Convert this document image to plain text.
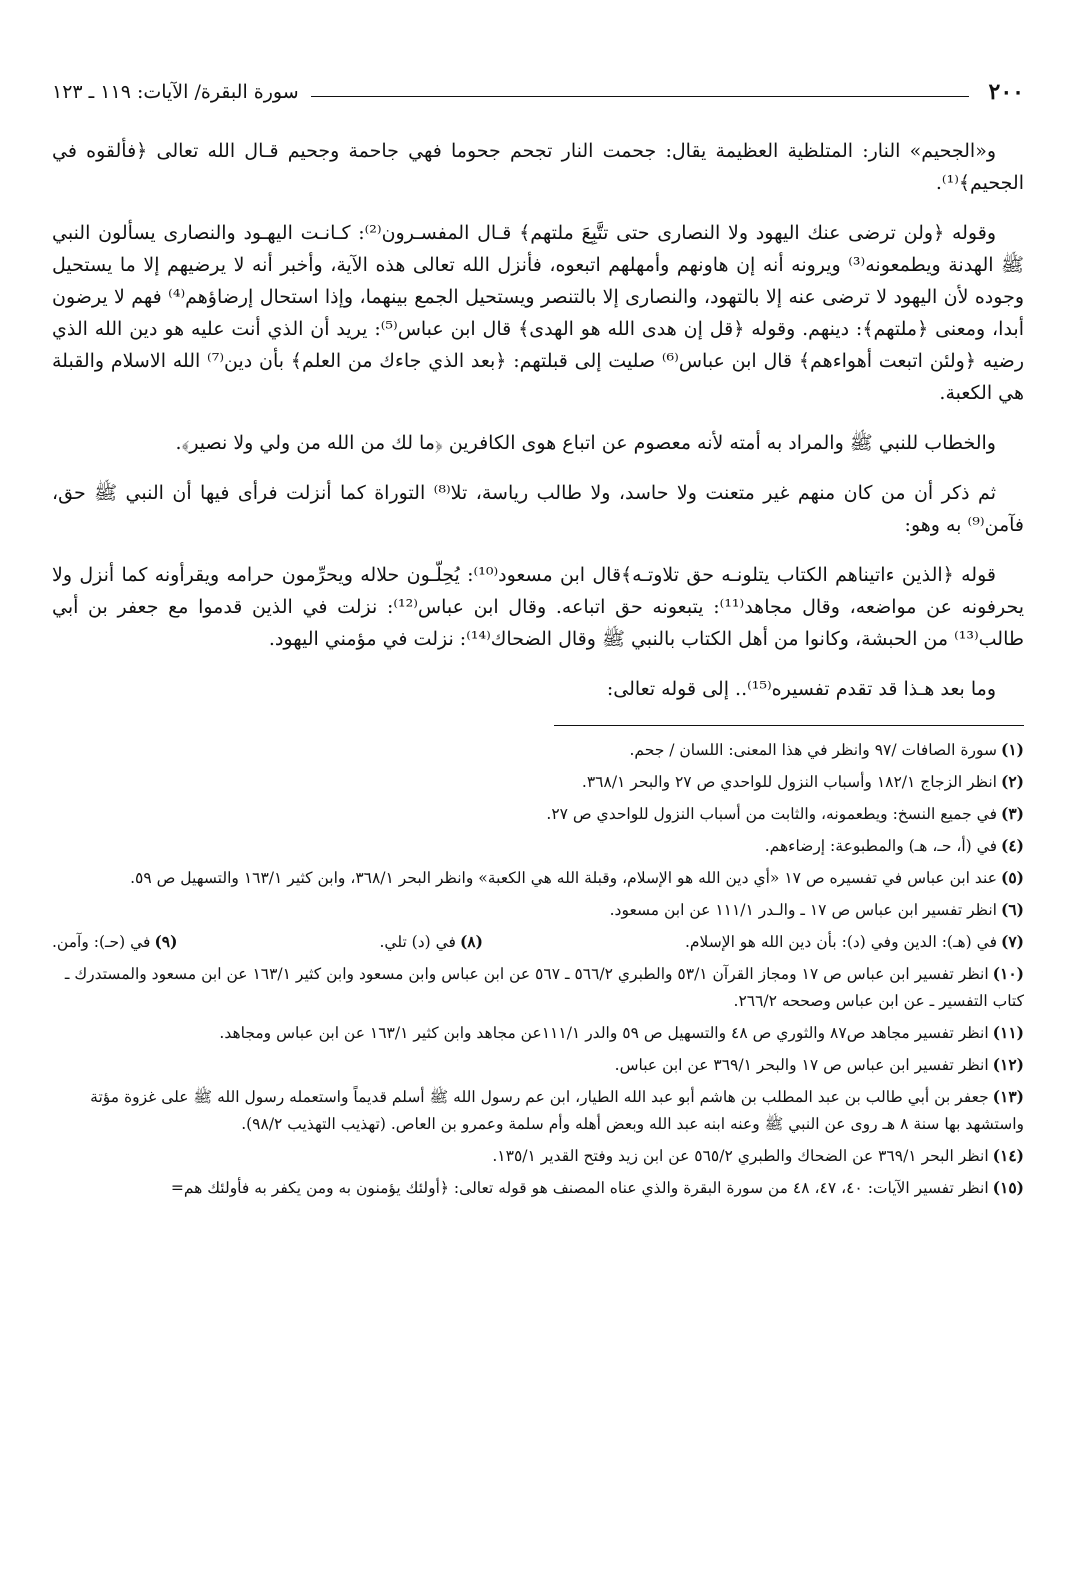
٢٠٠
سورة البقرة/ الآيات: ١١٩ ـ ١٢٣

و«الجحيم» النار: المتلظية العظيمة يقال: جحمت النار تجحم جحوما فهي جاحمة وجحيم قـال الله تعالى ﴿فألقوه في الجحيم﴾⁽¹⁾.

وقوله ﴿ولن ترضى عنك اليهود ولا النصارى حتى تتَّبِعَ ملتهم﴾ قـال المفسـرون⁽²⁾: كـانـت اليهـود والنصارى يسألون النبي ﷺ الهدنة ويطمعونه⁽³⁾ ويرونه أنه إن هاونهم وأمهلهم اتبعوه، فأنزل الله تعالى هذه الآية، وأخبر أنه لا يرضيهم إلا ما يستحيل وجوده لأن اليهود لا ترضى عنه إلا بالتهود، والنصارى إلا بالتنصر ويستحيل الجمع بينهما، وإذا استحال إرضاؤهم⁽⁴⁾ فهم لا يرضون أبدا، ومعنى ﴿ملتهم﴾: دينهم. وقوله ﴿قل إن هدى الله هو الهدى﴾ قال ابن عباس⁽⁵⁾: يريد أن الذي أنت عليه هو دين الله الذي رضيه ﴿ولئن اتبعت أهواءهم﴾ قال ابن عباس⁽⁶⁾ صليت إلى قبلتهم: ﴿بعد الذي جاءك من العلم﴾ بأن دين⁽⁷⁾ الله الاسلام والقبلة هي الكعبة.

والخطاب للنبي ﷺ والمراد به أمته لأنه معصوم عن اتباع هوى الكافرين ﴿ما لك من الله من ولي ولا نصير﴾.

ثم ذكر أن من كان منهم غير متعنت ولا حاسد، ولا طالب رياسة، تلا⁽⁸⁾ التوراة كما أنزلت فرأى فيها أن النبي ﷺ حق، فآمن⁽⁹⁾ به وهو:

قوله ﴿الذين ءاتيناهم الكتاب يتلونـه حق تلاوتـه﴾قال ابن مسعود⁽¹⁰⁾: يُحِلّـون حلاله ويحرِّمون حرامه ويقرأونه كما أنزل ولا يحرفونه عن مواضعه، وقال مجاهد⁽¹¹⁾: يتبعونه حق اتباعه. وقال ابن عباس⁽¹²⁾: نزلت في الذين قدموا مع جعفر بن أبي طالب⁽¹³⁾ من الحبشة، وكانوا من أهل الكتاب بالنبي ﷺ وقال الضحاك⁽¹⁴⁾: نزلت في مؤمني اليهود.

وما بعد هـذا قد تقدم تفسيره⁽¹⁵⁾.. إلى قوله تعالى:

(١)سورة الصافات /٩٧ وانظر في هذا المعنى: اللسان / جحم.
(٢)انظر الزجاج ١٨٢/١ وأسباب النزول للواحدي ص ٢٧ والبحر ٣٦٨/١.
(٣)في جميع النسخ: ويطعمونه، والثابت من أسباب النزول للواحدي ص ٢٧.
(٤)في (أ، حـ، هـ) والمطبوعة: إرضاءهم.
(٥)عند ابن عباس في تفسيره ص ١٧ «أي دين الله هو الإسلام، وقبلة الله هي الكعبة» وانظر البحر ٣٦٨/١، وابن كثير ١٦٣/١ والتسهيل ص ٥٩.
(٦)انظر تفسير ابن عباس ص ١٧ ـ والـدر ١١١/١ عن ابن مسعود.
(٧)في (هـ): الدين وفي (د): بأن دين الله هو الإسلام.
(٨)في (د) تلي.
(٩)في (حـ): وآمن.
(١٠)انظر تفسير ابن عباس ص ١٧ ومجاز القرآن ٥٣/١ والطبري ٥٦٦/٢ ـ ٥٦٧ عن ابن عباس وابن مسعود وابن كثير ١٦٣/١ عن ابن مسعود والمستدرك ـ كتاب التفسير ـ عن ابن عباس وصححه ٢٦٦/٢.
(١١)انظر تفسير مجاهد ص٨٧ والثوري ص ٤٨ والتسهيل ص ٥٩ والدر ١١١/١عن مجاهد وابن كثير ١٦٣/١ عن ابن عباس ومجاهد.
(١٢)انظر تفسير ابن عباس ص ١٧ والبحر ٣٦٩/١ عن ابن عباس.
(١٣)جعفر بن أبي طالب بن عبد المطلب بن هاشم أبو عبد الله الطيار، ابن عم رسول الله ﷺ أسلم قديماً واستعمله رسول الله ﷺ على غزوة مؤتة واستشهد بها سنة ٨ هـ روى عن النبي ﷺ وعنه ابنه عبد الله وبعض أهله وأم سلمة وعمرو بن العاص. (تهذيب التهذيب ٩٨/٢).
(١٤)انظر البحر ٣٦٩/١ عن الضحاك والطبري ٥٦٥/٢ عن ابن زيد وفتح القدير ١٣٥/١.
(١٥)انظر تفسير الآيات: ٤٠، ٤٧، ٤٨ من سورة البقرة والذي عناه المصنف هو قوله تعالى: ﴿أولئك يؤمنون به ومن يكفر به فأولئك هم=
